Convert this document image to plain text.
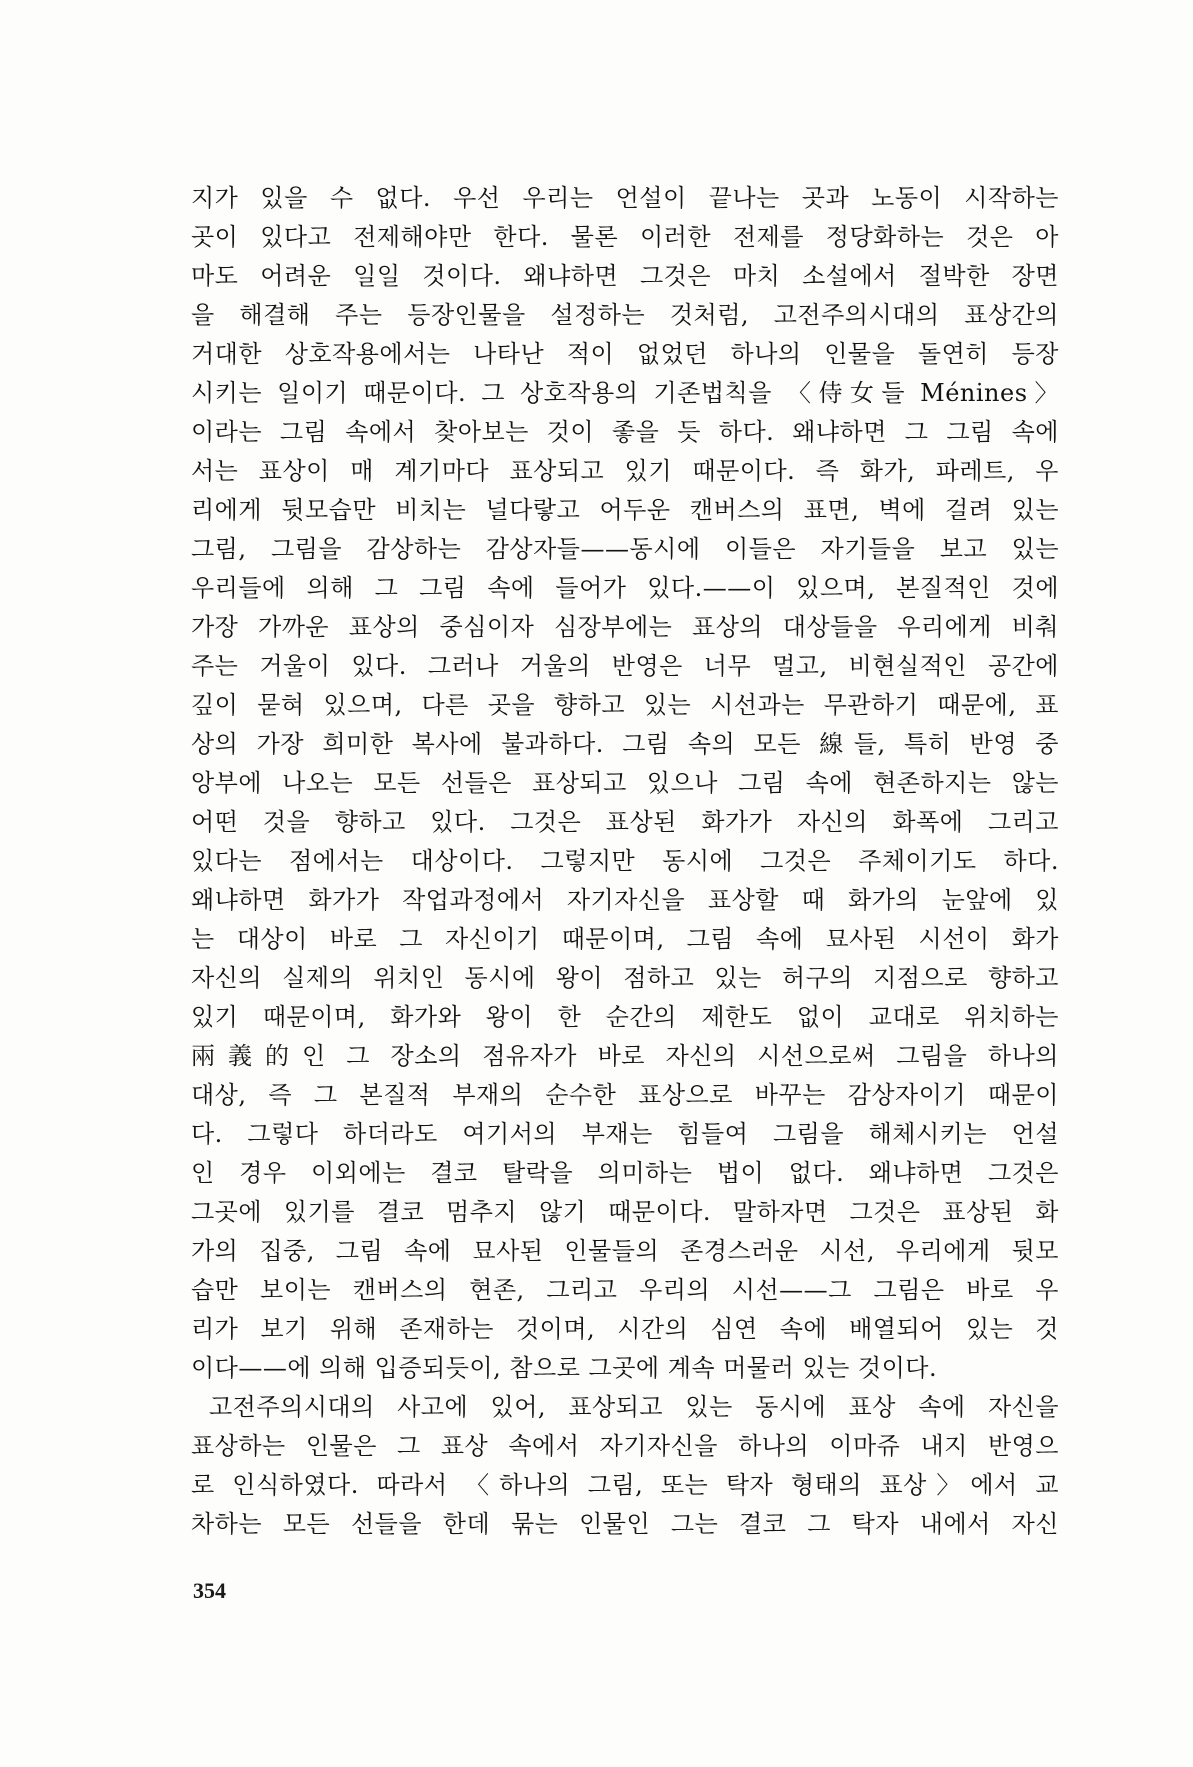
지가 있을 수 없다. 우선 우리는 언설이 끝나는 곳과 노동이 시작하는
곳이 있다고 전제해야만 한다. 물론 이러한 전제를 정당화하는 것은 아
마도 어려운 일일 것이다. 왜냐하면 그것은 마치 소설에서 절박한 장면
을 해결해 주는 등장인물을 설정하는 것처럼, 고전주의시대의 표상간의
거대한 상호작용에서는 나타난 적이 없었던 하나의 인물을 돌연히 등장
시키는 일이기 때문이다. 그 상호작용의 기존법칙을 〈侍女들 Ménines〉
이라는 그림 속에서 찾아보는 것이 좋을 듯 하다. 왜냐하면 그 그림 속에
서는 표상이 매 계기마다 표상되고 있기 때문이다. 즉 화가, 파레트, 우
리에게 뒷모습만 비치는 널다랗고 어두운 캔버스의 표면, 벽에 걸려 있는
그림, 그림을 감상하는 감상자들——동시에 이들은 자기들을 보고 있는
우리들에 의해 그 그림 속에 들어가 있다.——이 있으며, 본질적인 것에
가장 가까운 표상의 중심이자 심장부에는 표상의 대상들을 우리에게 비춰
주는 거울이 있다. 그러나 거울의 반영은 너무 멀고, 비현실적인 공간에
깊이 묻혀 있으며, 다른 곳을 향하고 있는 시선과는 무관하기 때문에, 표
상의 가장 희미한 복사에 불과하다. 그림 속의 모든 線들, 특히 반영 중
앙부에 나오는 모든 선들은 표상되고 있으나 그림 속에 현존하지는 않는
어떤 것을 향하고 있다. 그것은 표상된 화가가 자신의 화폭에 그리고
있다는 점에서는 대상이다. 그렇지만 동시에 그것은 주체이기도 하다.
왜냐하면 화가가 작업과정에서 자기자신을 표상할 때 화가의 눈앞에 있
는 대상이 바로 그 자신이기 때문이며, 그림 속에 묘사된 시선이 화가
자신의 실제의 위치인 동시에 왕이 점하고 있는 허구의 지점으로 향하고
있기 때문이며, 화가와 왕이 한 순간의 제한도 없이 교대로 위치하는
兩義的인 그 장소의 점유자가 바로 자신의 시선으로써 그림을 하나의
대상, 즉 그 본질적 부재의 순수한 표상으로 바꾸는 감상자이기 때문이
다. 그렇다 하더라도 여기서의 부재는 힘들여 그림을 해체시키는 언설
인 경우 이외에는 결코 탈락을 의미하는 법이 없다. 왜냐하면 그것은
그곳에 있기를 결코 멈추지 않기 때문이다. 말하자면 그것은 표상된 화
가의 집중, 그림 속에 묘사된 인물들의 존경스러운 시선, 우리에게 뒷모
습만 보이는 캔버스의 현존, 그리고 우리의 시선——그 그림은 바로 우
리가 보기 위해 존재하는 것이며, 시간의 심연 속에 배열되어 있는 것
이다——에 의해 입증되듯이, 참으로 그곳에 계속 머물러 있는 것이다.
고전주의시대의 사고에 있어, 표상되고 있는 동시에 표상 속에 자신을
표상하는 인물은 그 표상 속에서 자기자신을 하나의 이마쥬 내지 반영으
로 인식하였다. 따라서 〈하나의 그림, 또는 탁자 형태의 표상〉에서 교
차하는 모든 선들을 한데 묶는 인물인 그는 결코 그 탁자 내에서 자신
354
